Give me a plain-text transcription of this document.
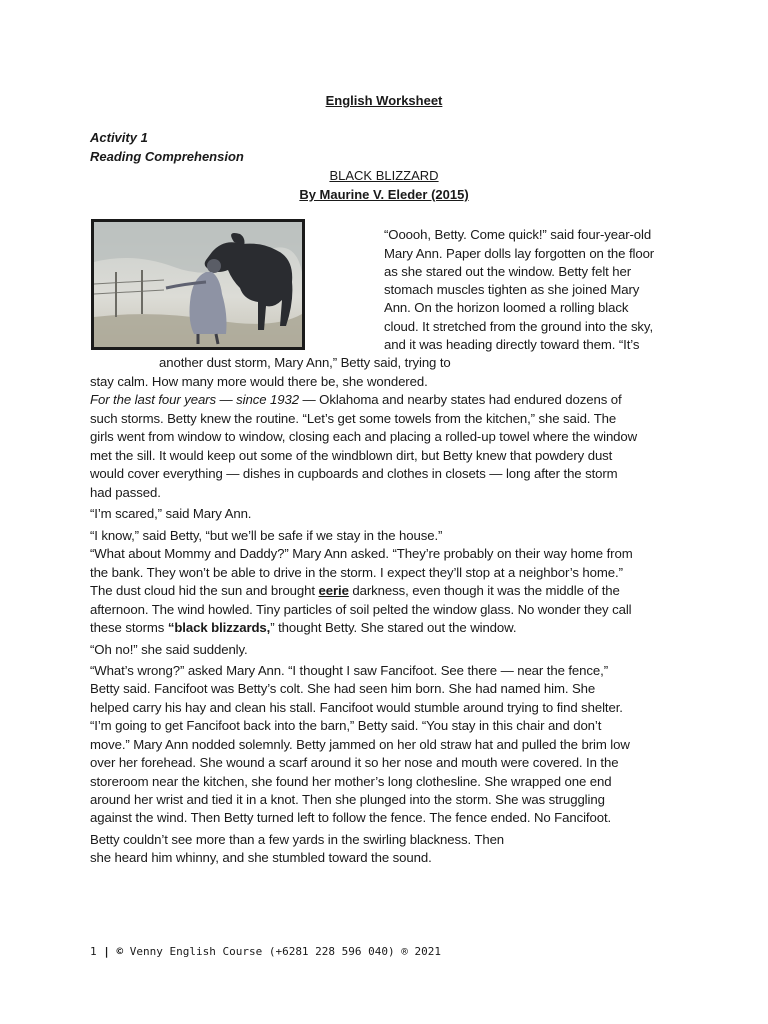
English Worksheet
Activity 1
Reading Comprehension
BLACK BLIZZARD
By Maurine V. Eleder (2015)
“Ooooh, Betty. Come quick!” said four-year-old
Mary Ann. Paper dolls lay forgotten on the floor
as she stared out the window. Betty felt her
stomach muscles tighten as she joined Mary
Ann. On the horizon loomed a rolling black
cloud. It stretched from the ground into the sky,
and it was heading directly toward them. “It’s
another dust storm, Mary Ann,” Betty said, trying to
stay calm. How many more would there be, she wondered.
For the last four years — since 1932 — Oklahoma and nearby states had endured dozens of
such storms. Betty knew the routine. “Let’s get some towels from the kitchen,” she said. The
girls went from window to window, closing each and placing a rolled-up towel where the window
met the sill. It would keep out some of the windblown dirt, but Betty knew that powdery dust
would cover everything — dishes in cupboards and clothes in closets — long after the storm
had passed.
“I’m scared,” said Mary Ann.
“I know,” said Betty, “but we’ll be safe if we stay in the house.”
“What about Mommy and Daddy?” Mary Ann asked. “They’re probably on their way home from
the bank. They won’t be able to drive in the storm. I expect they’ll stop at a neighbor’s home.”
The dust cloud hid the sun and brought eerie darkness, even though it was the middle of the
afternoon. The wind howled. Tiny particles of soil pelted the window glass. No wonder they call
these storms “black blizzards,” thought Betty. She stared out the window.
“Oh no!” she said suddenly.
“What’s wrong?” asked Mary Ann. “I thought I saw Fancifoot. See there — near the fence,”
Betty said. Fancifoot was Betty’s colt. She had seen him born. She had named him. She
helped carry his hay and clean his stall. Fancifoot would stumble around trying to find shelter.
“I’m going to get Fancifoot back into the barn,” Betty said. “You stay in this chair and don’t
move.” Mary Ann nodded solemnly. Betty jammed on her old straw hat and pulled the brim low
over her forehead. She wound a scarf around it so her nose and mouth were covered. In the
storeroom near the kitchen, she found her mother’s long clothesline. She wrapped one end
around her wrist and tied it in a knot. Then she plunged into the storm. She was struggling
against the wind. Then Betty turned left to follow the fence. The fence ended. No Fancifoot.
Betty couldn’t see more than a few yards in the swirling blackness. Then
she heard him whinny, and she stumbled toward the sound.
1 | © Venny English Course (+6281 228 596 040) ® 2021
